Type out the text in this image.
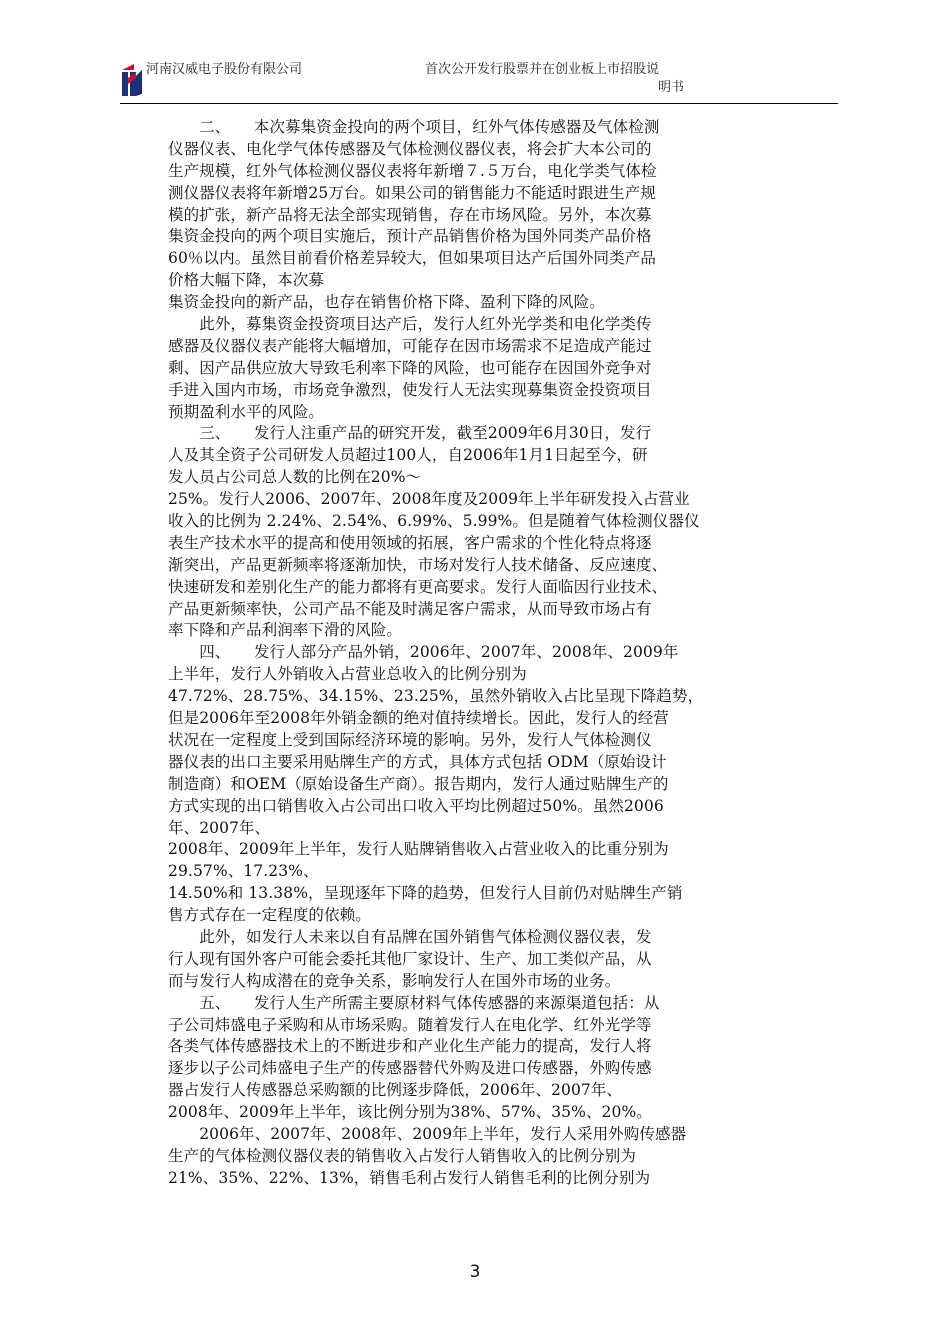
河南汉威电子股份有限公司	首次公开发行股票并在创业板上市招股说
明书
　　二、　　本次募集资金投向的两个项目，红外气体传感器及气体检测
仪器仪表、电化学气体传感器及气体检测仪器仪表，将会扩大本公司的
生产规模，红外气体检测仪器仪表将年新增７.５万台，电化学类气体检
测仪器仪表将年新增25万台。如果公司的销售能力不能适时跟进生产规
模的扩张，新产品将无法全部实现销售，存在市场风险。另外，本次募
集资金投向的两个项目实施后，预计产品销售价格为国外同类产品价格
60％以内。虽然目前看价格差异较大，但如果项目达产后国外同类产品
价格大幅下降，本次募
集资金投向的新产品，也存在销售价格下降、盈利下降的风险。
　　此外，募集资金投资项目达产后，发行人红外光学类和电化学类传
感器及仪器仪表产能将大幅增加，可能存在因市场需求不足造成产能过
剩、因产品供应放大导致毛利率下降的风险，也可能存在因国外竞争对
手进入国内市场，市场竞争激烈，使发行人无法实现募集资金投资项目
预期盈利水平的风险。
　　三、　　发行人注重产品的研究开发，截至2009年6月30日，发行
人及其全资子公司研发人员超过100人，自2006年1月1日起至今，研
发人员占公司总人数的比例在20%～
25%。发行人2006、2007年、2008年度及2009年上半年研发投入占营业
收入的比例为 2.24%、2.54%、6.99%、5.99%。但是随着气体检测仪器仪
表生产技术水平的提高和使用领域的拓展，客户需求的个性化特点将逐
渐突出，产品更新频率将逐渐加快，市场对发行人技术储备、反应速度、
快速研发和差别化生产的能力都将有更高要求。发行人面临因行业技术、
产品更新频率快，公司产品不能及时满足客户需求，从而导致市场占有
率下降和产品利润率下滑的风险。
　　四、　　发行人部分产品外销，2006年、2007年、2008年、2009年
上半年，发行人外销收入占营业总收入的比例分别为
47.72%、28.75%、34.15%、23.25%，虽然外销收入占比呈现下降趋势，
但是2006年至2008年外销金额的绝对值持续增长。因此，发行人的经营
状况在一定程度上受到国际经济环境的影响。另外，发行人气体检测仪
器仪表的出口主要采用贴牌生产的方式，具体方式包括 ODM（原始设计
制造商）和OEM（原始设备生产商）。报告期内，发行人通过贴牌生产的
方式实现的出口销售收入占公司出口收入平均比例超过50%。虽然2006
年、2007年、
2008年、2009年上半年，发行人贴牌销售收入占营业收入的比重分别为
29.57%、17.23%、
14.50%和 13.38%，呈现逐年下降的趋势，但发行人目前仍对贴牌生产销
售方式存在一定程度的依赖。
　　此外，如发行人未来以自有品牌在国外销售气体检测仪器仪表，发
行人现有国外客户可能会委托其他厂家设计、生产、加工类似产品，从
而与发行人构成潜在的竞争关系，影响发行人在国外市场的业务。
　　五、　　发行人生产所需主要原材料气体传感器的来源渠道包括：从
子公司炜盛电子采购和从市场采购。随着发行人在电化学、红外光学等
各类气体传感器技术上的不断进步和产业化生产能力的提高，发行人将
逐步以子公司炜盛电子生产的传感器替代外购及进口传感器，外购传感
器占发行人传感器总采购额的比例逐步降低，2006年、2007年、
2008年、2009年上半年，该比例分别为38%、57%、35%、20%。
　　2006年、2007年、2008年、2009年上半年，发行人采用外购传感器
生产的气体检测仪器仪表的销售收入占发行人销售收入的比例分别为
21%、35%、22%、13%，销售毛利占发行人销售毛利的比例分别为
3
